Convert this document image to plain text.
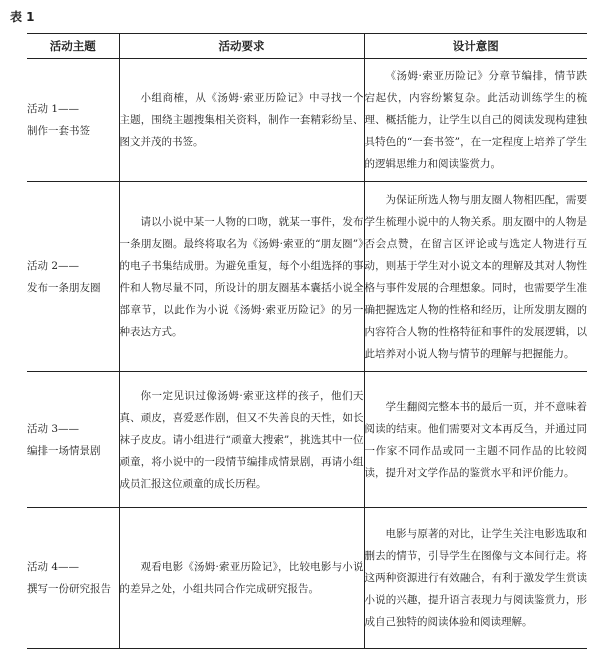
表 1
活动主题	活动要求	设计意图

活动 1——
制作一套书签	小组商榷，从《汤姆·索亚历险记》中寻找一个主题，围绕主题搜集相关资料，制作一套精彩纷呈、图文并茂的书签。	《汤姆·索亚历险记》分章节编排，情节跌宕起伏，内容纷繁复杂。此活动训练学生的梳理、概括能力，让学生以自己的阅读发现构建独具特色的“一套书签”，在一定程度上培养了学生的逻辑思维力和阅读鉴赏力。

活动 2——
发布一条朋友圈	请以小说中某一人物的口吻，就某一事件，发布一条朋友圈。最终将取名为《汤姆·索亚的“朋友圈”》的电子书集结成册。为避免重复，每个小组选择的事件和人物尽量不同，所设计的朋友圈基本囊括小说全部章节，以此作为小说《汤姆·索亚历险记》的另一种表达方式。	为保证所选人物与朋友圈人物相匹配，需要学生梳理小说中的人物关系。朋友圈中的人物是否会点赞，在留言区评论或与选定人物进行互动，则基于学生对小说文本的理解及其对人物性格与事件发展的合理想象。同时，也需要学生准确把握选定人物的性格和经历，让所发朋友圈的内容符合人物的性格特征和事件的发展逻辑，以此培养对小说人物与情节的理解与把握能力。

活动 3——
编排一场情景剧	你一定见识过像汤姆·索亚这样的孩子，他们天真、顽皮，喜爱恶作剧，但又不失善良的天性，如长袜子皮皮。请小组进行“顽童大搜索”，挑选其中一位顽童，将小说中的一段情节编排成情景剧，再请小组成员汇报这位顽童的成长历程。	学生翻阅完整本书的最后一页，并不意味着阅读的结束。他们需要对文本再反刍，并通过同一作家不同作品或同一主题不同作品的比较阅读，提升对文学作品的鉴赏水平和评价能力。

活动 4——
撰写一份研究报告	观看电影《汤姆·索亚历险记》，比较电影与小说的差异之处，小组共同合作完成研究报告。	电影与原著的对比，让学生关注电影选取和删去的情节，引导学生在图像与文本间行走。将这两种资源进行有效融合，有利于激发学生赏读小说的兴趣，提升语言表现力与阅读鉴赏力，形成自己独特的阅读体验和阅读理解。
